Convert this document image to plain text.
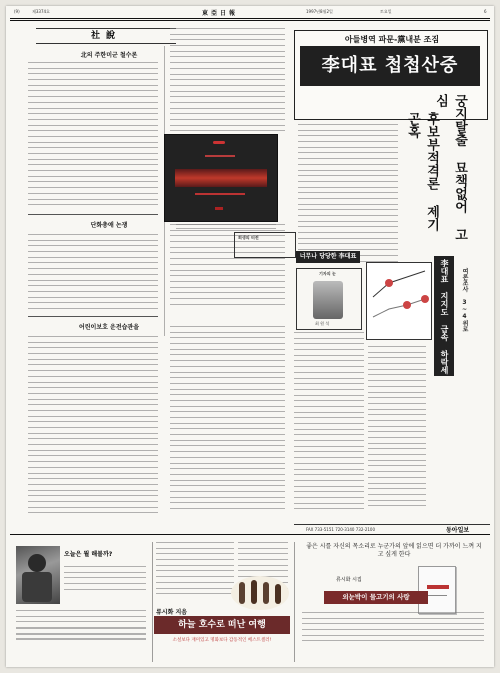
(9)	제3374호	東亞日報	1997년8월2일	토요일	6
社說
北의 주한미군 철수론
단화총애 논쟁
어린이보호 운전습관을
아들병역 파문-黨내분 조짐
李대표 첩첩산중
궁지탈출 묘책없어 고심
후보부적격론 제기 곤혹
회생의 터전
너무나 당당한 李대표
기자의 눈
최 원 석	李대표 지지도 급속 하락세	여론조사 3~4위로
FAX 733-5151 720-3140 732-2100	동아일보
오늘은 뭘 해볼까?
류시화 지음
하늘 호수로 떠난 여행
소설보다 재미있고 명화보다 감동적인 베스트셀러!
좋은 시를 자신의 목소리로 누군가의 앞에 읽으면 더 가까이 느껴 지고 싶게 한다
류시화 시집
외눈박이 물고기의 사랑
